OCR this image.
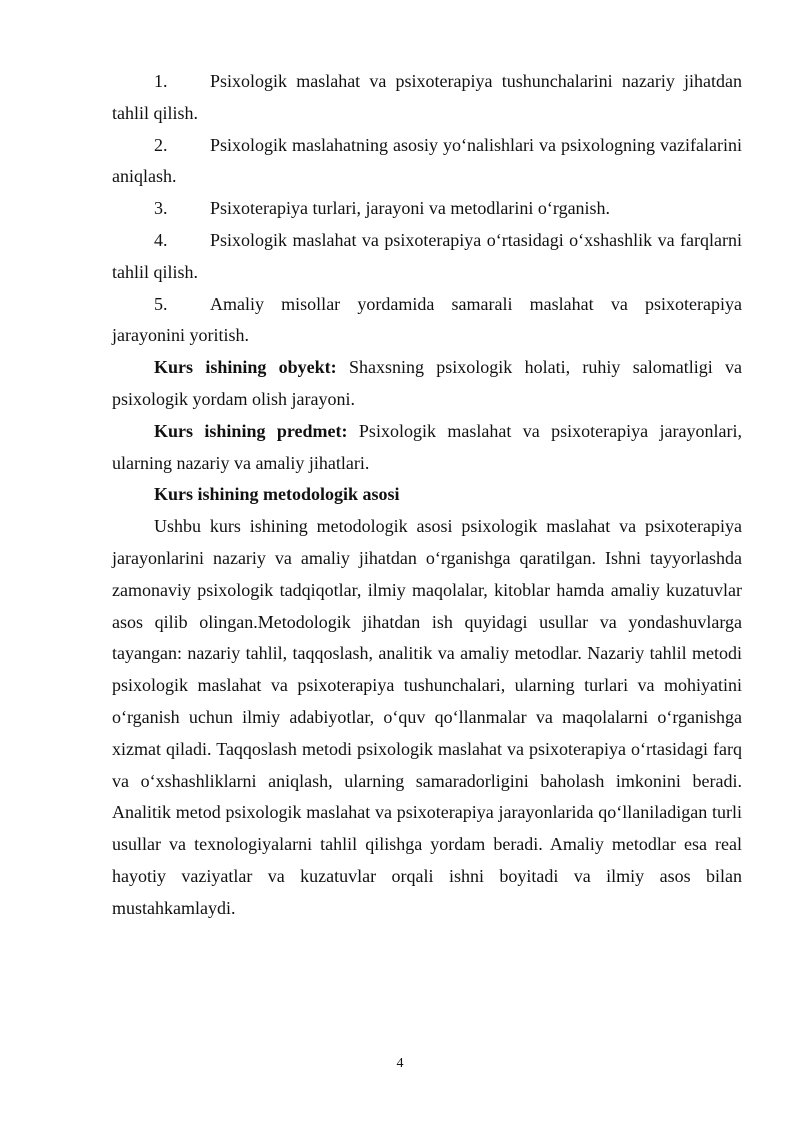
1. Psixologik maslahat va psixoterapiya tushunchalarini nazariy jihatdan tahlil qilish.

2. Psixologik maslahatning asosiy yo‘nalishlari va psixologning vazifalarini aniqlash.

3. Psixoterapiya turlari, jarayoni va metodlarini o‘rganish.

4. Psixologik maslahat va psixoterapiya o‘rtasidagi o‘xshashlik va farqlarni tahlil qilish.

5. Amaliy misollar yordamida samarali maslahat va psixoterapiya jarayonini yoritish.

Kurs ishining obyekt: Shaxsning psixologik holati, ruhiy salomatligi va psixologik yordam olish jarayoni.

Kurs ishining predmet: Psixologik maslahat va psixoterapiya jarayonlari, ularning nazariy va amaliy jihatlari.

Kurs ishining metodologik asosi

Ushbu kurs ishining metodologik asosi psixologik maslahat va psixoterapiya jarayonlarini nazariy va amaliy jihatdan o‘rganishga qaratilgan. Ishni tayyorlashda zamonaviy psixologik tadqiqotlar, ilmiy maqolalar, kitoblar hamda amaliy kuzatuvlar asos qilib olingan.Metodologik jihatdan ish quyidagi usullar va yondashuvlarga tayangan: nazariy tahlil, taqqoslash, analitik va amaliy metodlar. Nazariy tahlil metodi psixologik maslahat va psixoterapiya tushunchalari, ularning turlari va mohiyatini o‘rganish uchun ilmiy adabiyotlar, o‘quv qo‘llanmalar va maqolalarni o‘rganishga xizmat qiladi. Taqqoslash metodi psixologik maslahat va psixoterapiya o‘rtasidagi farq va o‘xshashliklarni aniqlash, ularning samaradorligini baholash imkonini beradi. Analitik metod psixologik maslahat va psixoterapiya jarayonlarida qo‘llaniladigan turli usullar va texnologiyalarni tahlil qilishga yordam beradi. Amaliy metodlar esa real hayotiy vaziyatlar va kuzatuvlar orqali ishni boyitadi va ilmiy asos bilan mustahkamlaydi.

4
